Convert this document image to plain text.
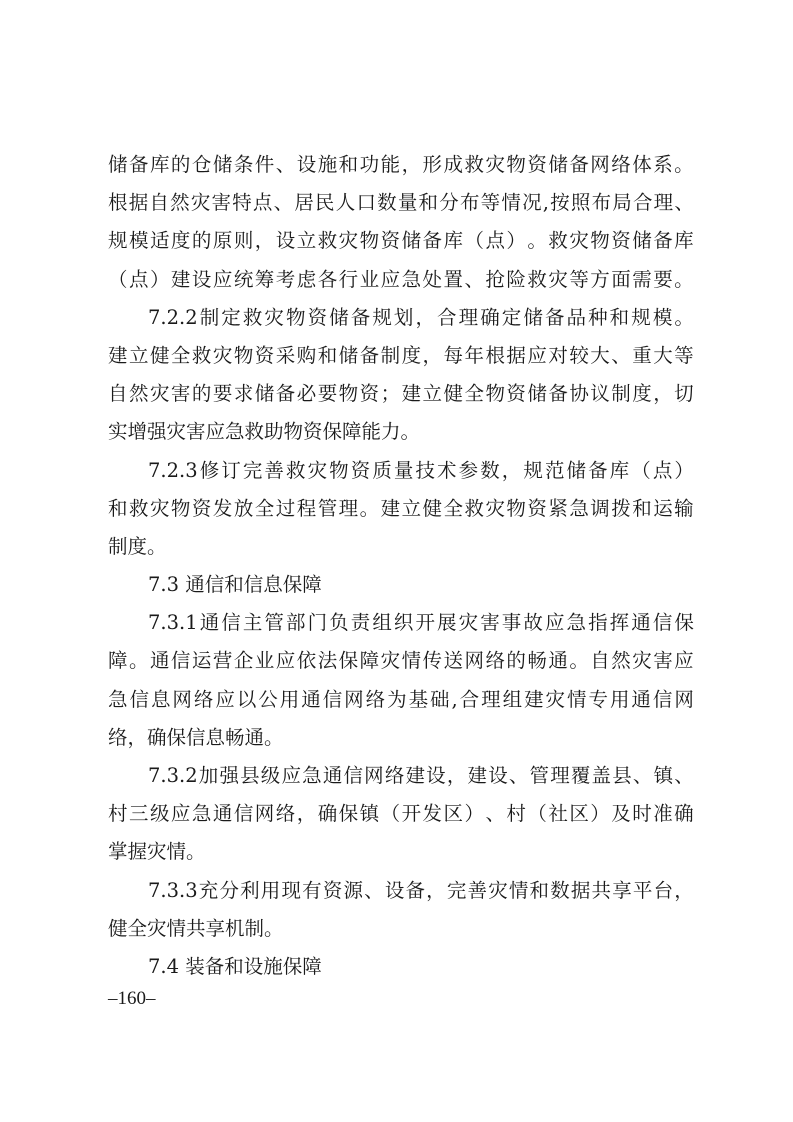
储 备 库 的 仓 储 条 件 、 设 施 和 功 能 ， 形 成 救 灾 物 资 储 备 网 络 体 系 。
根 据 自 然 灾 害 特 点 、 居 民 人 口 数 量 和 分 布 等 情 况 , 按 照 布 局 合 理 、
规 模 适 度 的 原 则 ， 设 立 救 灾 物 资 储 备 库 （ 点 ） 。 救 灾 物 资 储 备 库
（ 点 ） 建 设 应 统 筹 考 虑 各 行 业 应 急 处 置 、 抢 险 救 灾 等 方 面 需 要 。
7.2.2 制 定 救 灾 物 资 储 备 规 划 ， 合 理 确 定 储 备 品 种 和 规 模 。
建 立 健 全 救 灾 物 资 采 购 和 储 备 制 度 ， 每 年 根 据 应 对 较 大 、 重 大 等
自 然 灾 害 的 要 求 储 备 必 要 物 资 ； 建 立 健 全 物 资 储 备 协 议 制 度 ， 切
实增强灾害应急救助物资保障能力。
7.2.3 修 订 完 善 救 灾 物 资 质 量 技 术 参 数 ， 规 范 储 备 库 （ 点 ）
和 救 灾 物 资 发 放 全 过 程 管 理 。 建 立 健 全 救 灾 物 资 紧 急 调 拨 和 运 输
制度。
7.3 通信和信息保障
7.3.1 通 信 主 管 部 门 负 责 组 织 开 展 灾 害 事 故 应 急 指 挥 通 信 保
障 。 通 信 运 营 企 业 应 依 法 保 障 灾 情 传 送 网 络 的 畅 通 。 自 然 灾 害 应
急 信 息 网 络 应 以 公 用 通 信 网 络 为 基 础 , 合 理 组 建 灾 情 专 用 通 信 网
络，确保信息畅通。
7.3.2 加 强 县 级 应 急 通 信 网 络 建 设 ， 建 设 、 管 理 覆 盖 县 、 镇 、
村 三 级 应 急 通 信 网 络 ， 确 保 镇 （ 开 发 区 ） 、 村 （ 社 区 ） 及 时 准 确
掌握灾情。
7.3.3 充 分 利 用 现 有 资 源 、 设 备 ， 完 善 灾 情 和 数 据 共 享 平 台 ，
健全灾情共享机制。
7.4 装备和设施保障
–160–
